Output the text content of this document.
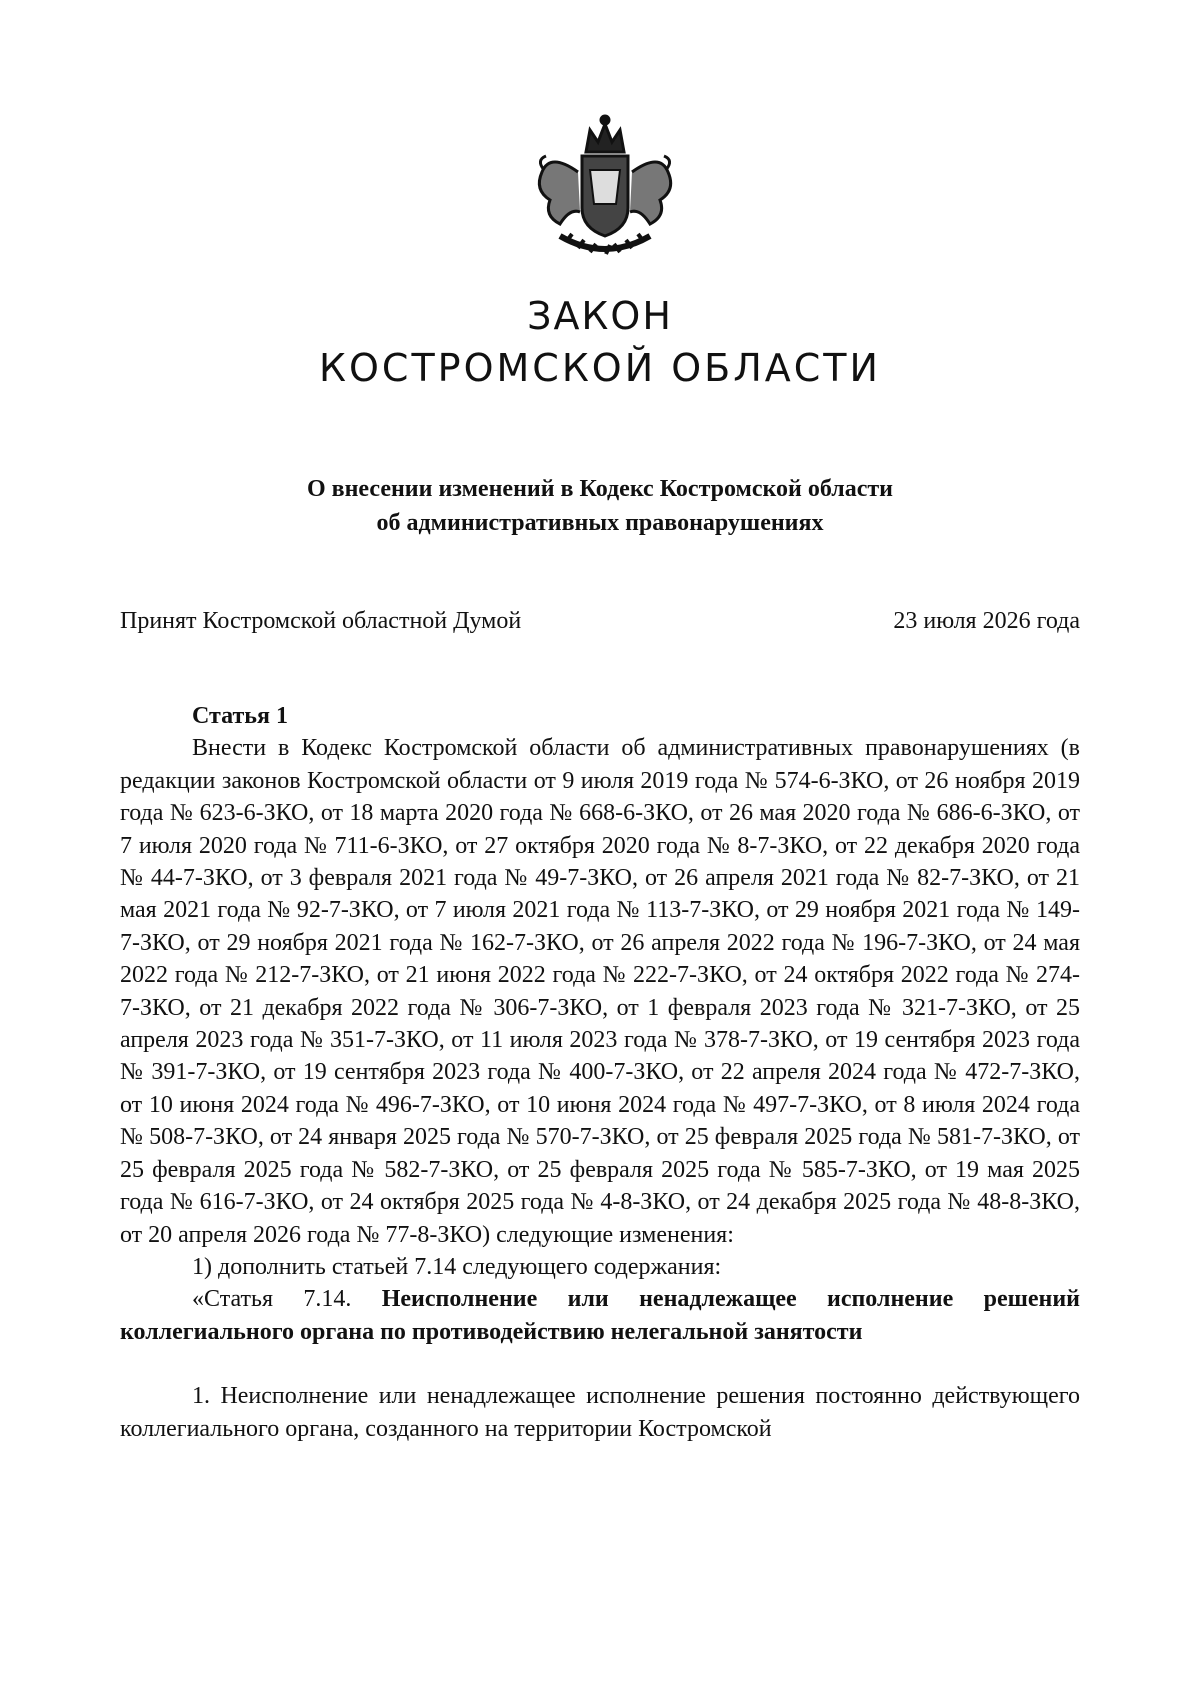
ЗАКОН
КОСТРОМСКОЙ ОБЛАСТИ
О внесении изменений в Кодекс Костромской области
об административных правонарушениях
Принят Костромской областной Думой	23 июля 2026 года

Статья 1

Внести в Кодекс Костромской области об административных правонарушениях (в редакции законов Костромской области от 9 июля 2019 года № 574-6-ЗКО, от 26 ноября 2019 года № 623-6-ЗКО, от 18 марта 2020 года № 668-6-ЗКО, от 26 мая 2020 года № 686-6-ЗКО, от 7 июля 2020 года № 711-6-ЗКО, от 27 октября 2020 года № 8-7-ЗКО, от 22 декабря 2020 года № 44-7-ЗКО, от 3 февраля 2021 года № 49-7-ЗКО, от 26 апреля 2021 года № 82-7-ЗКО, от 21 мая 2021 года № 92-7-ЗКО, от 7 июля 2021 года № 113-7-ЗКО, от 29 ноября 2021 года № 149-7-ЗКО, от 29 ноября 2021 года № 162-7-ЗКО, от 26 апреля 2022 года № 196-7-ЗКО, от 24 мая 2022 года № 212-7-ЗКО, от 21 июня 2022 года № 222-7-ЗКО, от 24 октября 2022 года № 274-7-ЗКО, от 21 декабря 2022 года № 306-7-ЗКО, от 1 февраля 2023 года № 321-7-ЗКО, от 25 апреля 2023 года № 351-7-ЗКО, от 11 июля 2023 года № 378-7-ЗКО, от 19 сентября 2023 года № 391-7-ЗКО, от 19 сентября 2023 года № 400-7-ЗКО, от 22 апреля 2024 года № 472-7-ЗКО, от 10 июня 2024 года № 496-7-ЗКО, от 10 июня 2024 года № 497-7-ЗКО, от 8 июля 2024 года № 508-7-ЗКО, от 24 января 2025 года № 570-7-ЗКО, от 25 февраля 2025 года № 581-7-ЗКО, от 25 февраля 2025 года № 582-7-ЗКО, от 25 февраля 2025 года № 585-7-ЗКО, от 19 мая 2025 года № 616-7-ЗКО, от 24 октября 2025 года № 4-8-ЗКО, от 24 декабря 2025 года № 48-8-ЗКО, от 20 апреля 2026 года № 77-8-ЗКО) следующие изменения:

1) дополнить статьей 7.14 следующего содержания:

«Статья 7.14. Неисполнение или ненадлежащее исполнение решений коллегиального органа по противодействию нелегальной занятости

1. Неисполнение или ненадлежащее исполнение решения постоянно действующего коллегиального органа, созданного на территории Костромской
